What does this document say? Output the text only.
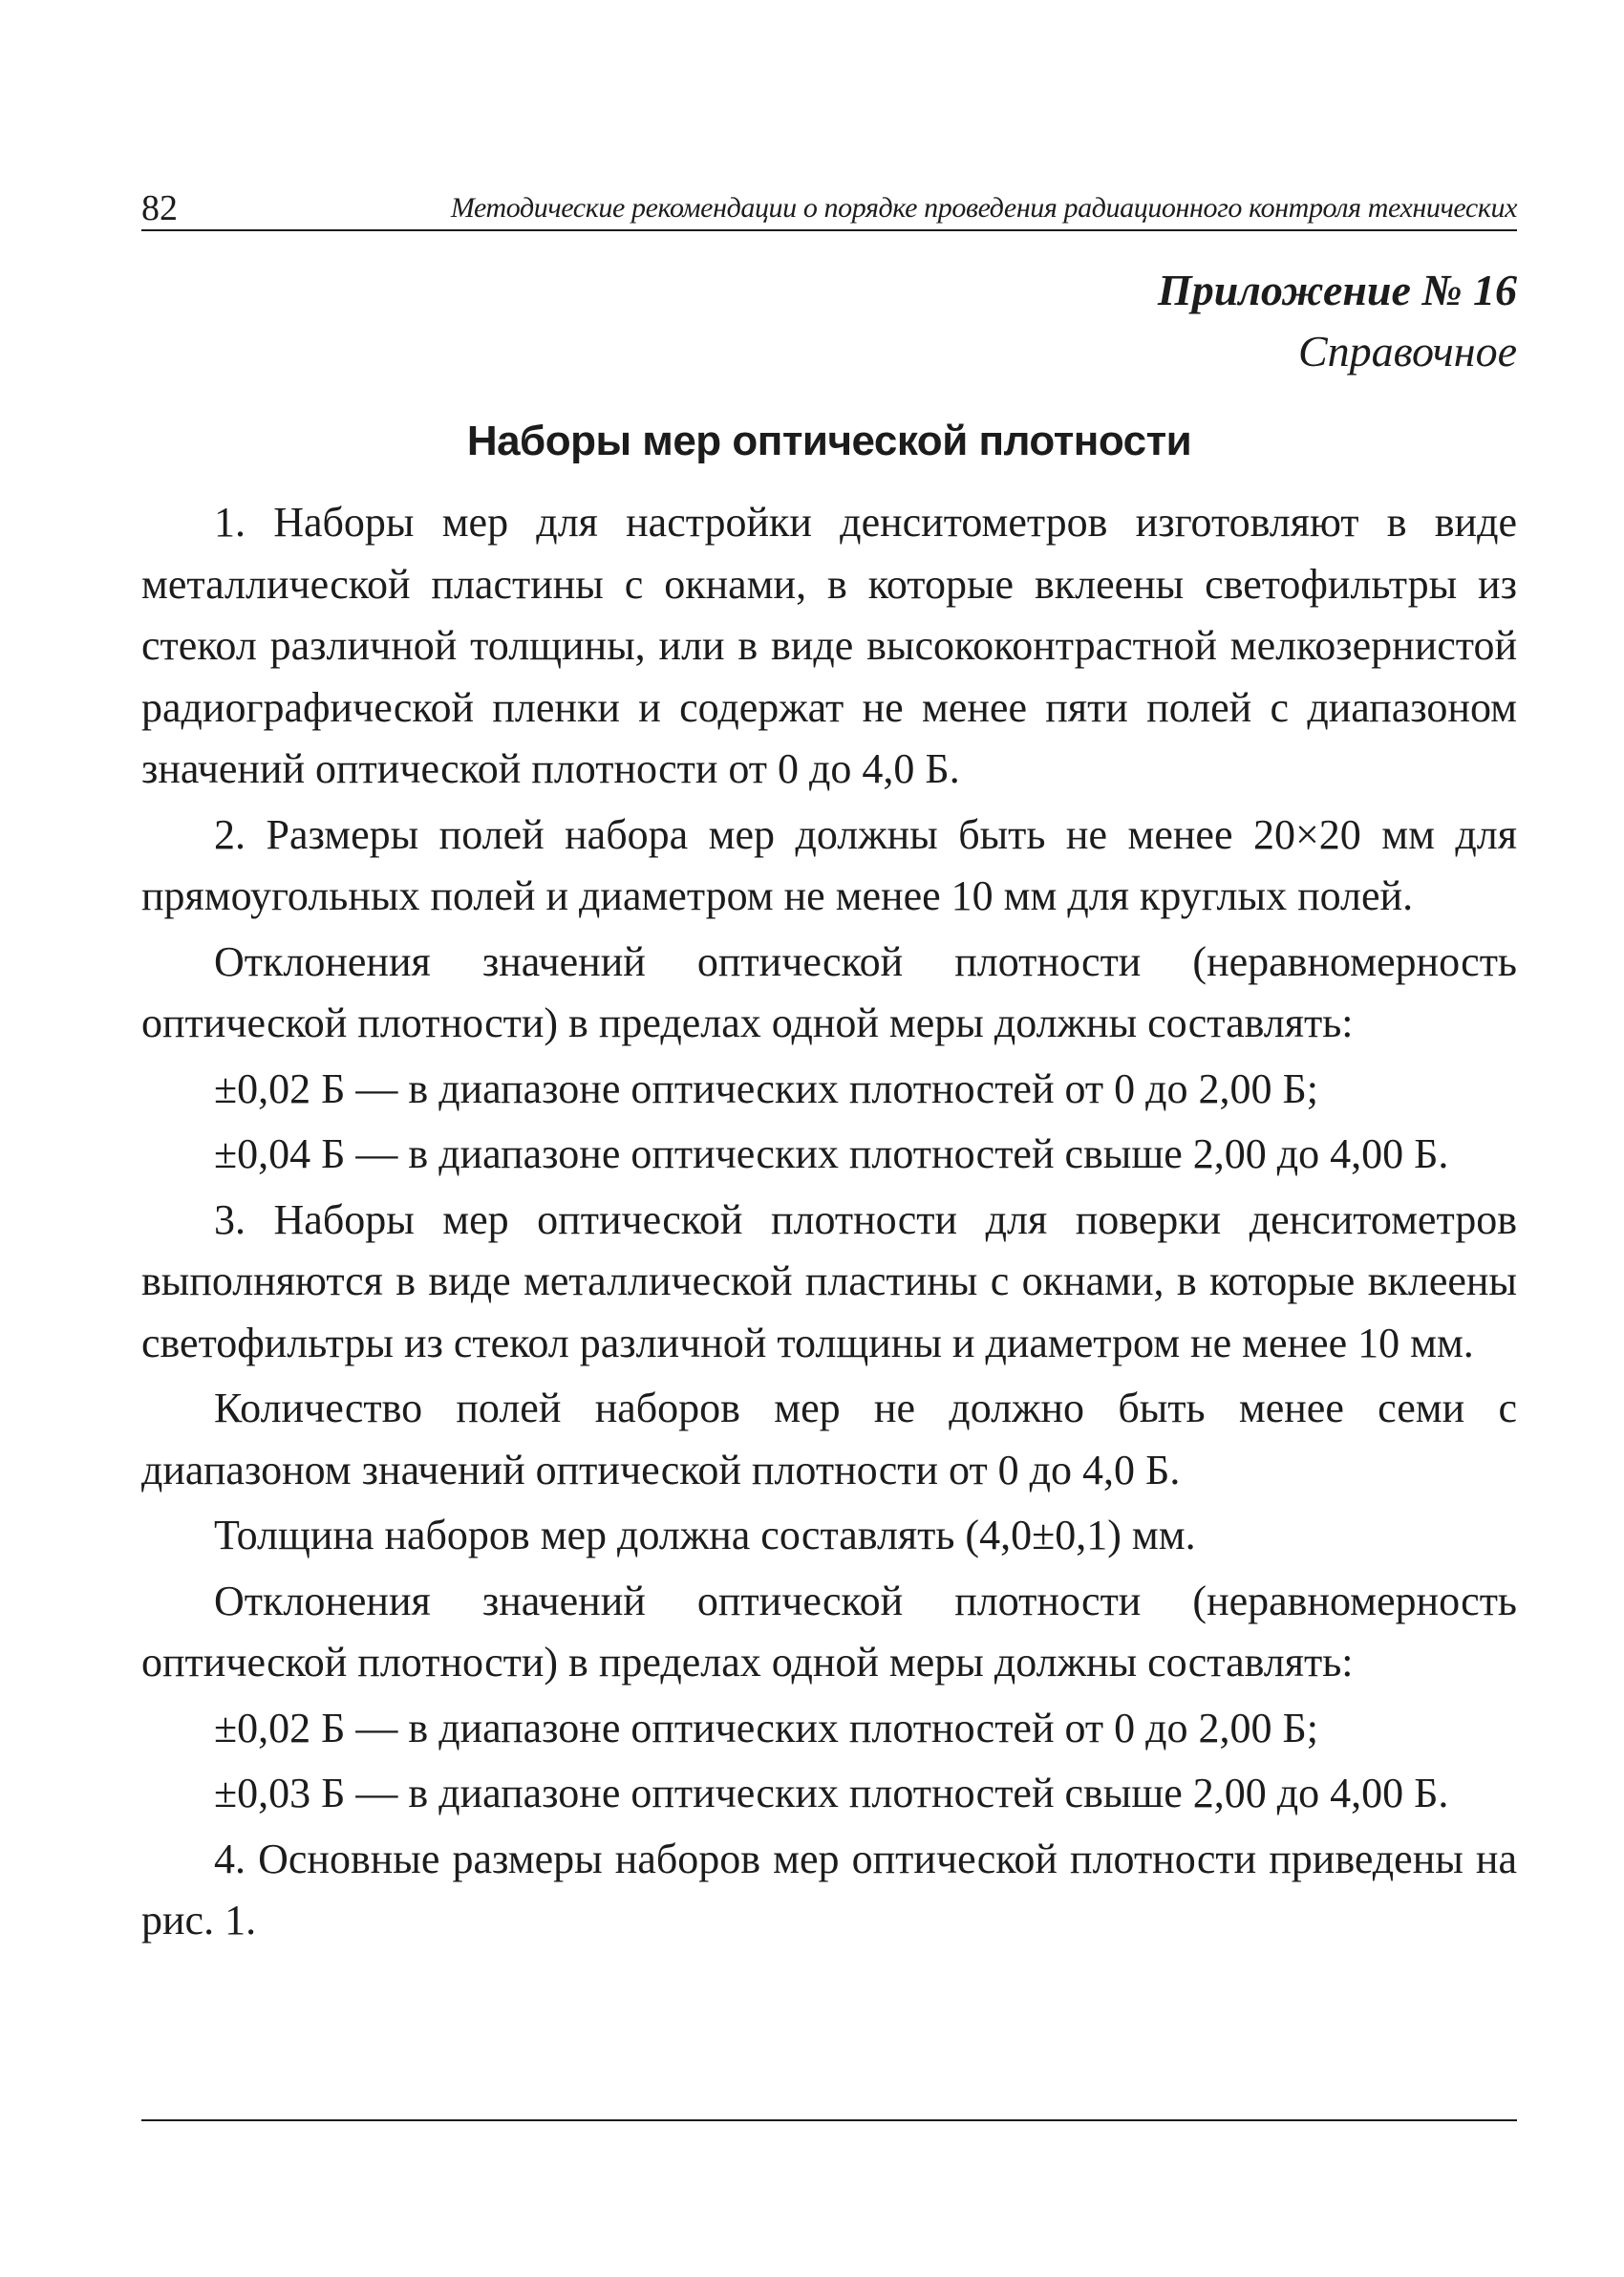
82	Методические рекомендации о порядке проведения радиационного контроля технических
Приложение № 16
Справочное
Наборы мер оптической плотности

1. Наборы мер для настройки денситометров изготовляют в виде металлической пластины с окнами, в которые вклеены светофильтры из стекол различной толщины, или в виде высококонтрастной мелкозернистой радиографической пленки и содержат не менее пяти полей с диапазоном значений оптической плотности от 0 до 4,0 Б.

2. Размеры полей набора мер должны быть не менее 20×20 мм для прямоугольных полей и диаметром не менее 10 мм для круглых полей.

Отклонения значений оптической плотности (неравномерность оптической плотности) в пределах одной меры должны составлять:

±0,02 Б — в диапазоне оптических плотностей от 0 до 2,00 Б;

±0,04 Б — в диапазоне оптических плотностей свыше 2,00 до 4,00 Б.

3. Наборы мер оптической плотности для поверки денситометров выполняются в виде металлической пластины с окнами, в которые вклеены светофильтры из стекол различной толщины и диаметром не менее 10 мм.

Количество полей наборов мер не должно быть менее семи с диапазоном значений оптической плотности от 0 до 4,0 Б.

Толщина наборов мер должна составлять (4,0±0,1) мм.

Отклонения значений оптической плотности (неравномерность оптической плотности) в пределах одной меры должны составлять:

±0,02 Б — в диапазоне оптических плотностей от 0 до 2,00 Б;

±0,03 Б — в диапазоне оптических плотностей свыше 2,00 до 4,00 Б.

4. Основные размеры наборов мер оптической плотности приведены на рис. 1.
